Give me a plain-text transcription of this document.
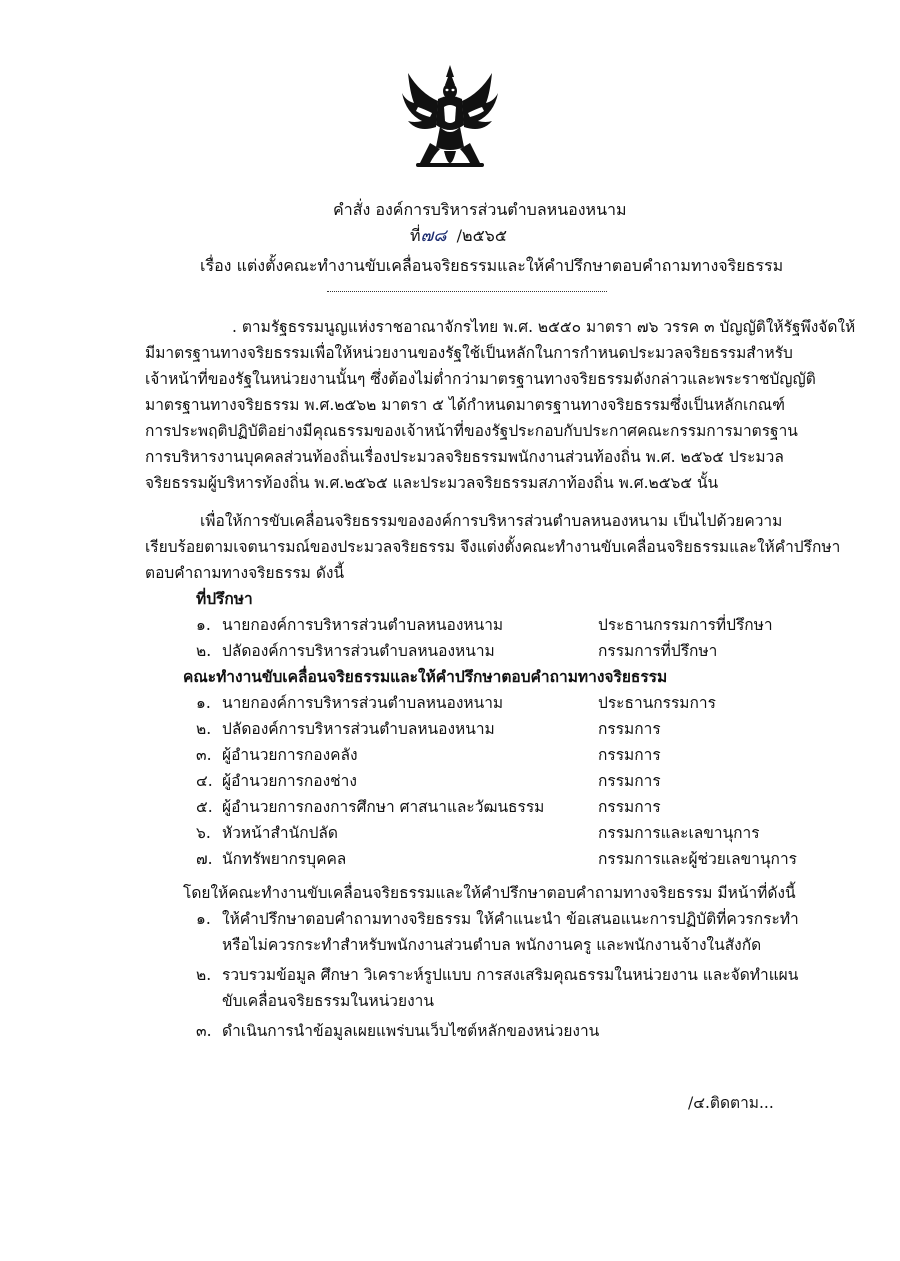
คำสั่ง องค์การบริหารส่วนตำบลหนองหนาม
ที่๗๘ /๒๕๖๕
เรื่อง แต่งตั้งคณะทำงานขับเคลื่อนจริยธรรมและให้คำปรึกษาตอบคำถามทางจริยธรรม
. ตามรัฐธรรมนูญแห่งราชอาณาจักรไทย พ.ศ. ๒๕๕๐ มาตรา ๗๖ วรรค ๓ บัญญัติให้รัฐพึงจัดให้
มีมาตรฐานทางจริยธรรมเพื่อให้หน่วยงานของรัฐใช้เป็นหลักในการกำหนดประมวลจริยธรรมสำหรับ
เจ้าหน้าที่ของรัฐในหน่วยงานนั้นๆ ซึ่งต้องไม่ต่ำกว่ามาตรฐานทางจริยธรรมดังกล่าวและพระราชบัญญัติ
มาตรฐานทางจริยธรรม พ.ศ.๒๕๖๒ มาตรา ๕ ได้กำหนดมาตรฐานทางจริยธรรมซึ่งเป็นหลักเกณฑ์
การประพฤติปฏิบัติอย่างมีคุณธรรมของเจ้าหน้าที่ของรัฐประกอบกับประกาศคณะกรรมการมาตรฐาน
การบริหารงานบุคคลส่วนท้องถิ่นเรื่องประมวลจริยธรรมพนักงานส่วนท้องถิ่น พ.ศ. ๒๕๖๕ ประมวล
จริยธรรมผู้บริหารท้องถิ่น พ.ศ.๒๕๖๕ และประมวลจริยธรรมสภาท้องถิ่น พ.ศ.๒๕๖๕ นั้น
เพื่อให้การขับเคลื่อนจริยธรรมขององค์การบริหารส่วนตำบลหนองหนาม เป็นไปด้วยความ
เรียบร้อยตามเจตนารมณ์ของประมวลจริยธรรม จึงแต่งตั้งคณะทำงานขับเคลื่อนจริยธรรมและให้คำปรึกษา
ตอบคำถามทางจริยธรรม ดังนี้
ที่ปรึกษา
๑. นายกองค์การบริหารส่วนตำบลหนองหนาม	ประธานกรรมการที่ปรึกษา
๒. ปลัดองค์การบริหารส่วนตำบลหนองหนาม	กรรมการที่ปรึกษา
คณะทำงานขับเคลื่อนจริยธรรมและให้คำปรึกษาตอบคำถามทางจริยธรรม
๑. นายกองค์การบริหารส่วนตำบลหนองหนาม	ประธานกรรมการ
๒. ปลัดองค์การบริหารส่วนตำบลหนองหนาม	กรรมการ
๓. ผู้อำนวยการกองคลัง	กรรมการ
๔. ผู้อำนวยการกองช่าง	กรรมการ
๕. ผู้อำนวยการกองการศึกษา ศาสนาและวัฒนธรรม	กรรมการ
๖. หัวหน้าสำนักปลัด	กรรมการและเลขานุการ
๗. นักทรัพยากรบุคคล	กรรมการและผู้ช่วยเลขานุการ
โดยให้คณะทำงานขับเคลื่อนจริยธรรมและให้คำปรึกษาตอบคำถามทางจริยธรรม มีหน้าที่ดังนี้
๑. ให้คำปรึกษาตอบคำถามทางจริยธรรม ให้คำแนะนำ ข้อเสนอแนะการปฏิบัติที่ควรกระทำ
หรือไม่ควรกระทำสำหรับพนักงานส่วนตำบล พนักงานครู และพนักงานจ้างในสังกัด
๒. รวบรวมข้อมูล ศึกษา วิเคราะห์รูปแบบ การสงเสริมคุณธรรมในหน่วยงาน และจัดทำแผน
ขับเคลื่อนจริยธรรมในหน่วยงาน
๓. ดำเนินการนำข้อมูลเผยแพร่บนเว็บไซต์หลักของหน่วยงาน
/๔.ติดตาม...
